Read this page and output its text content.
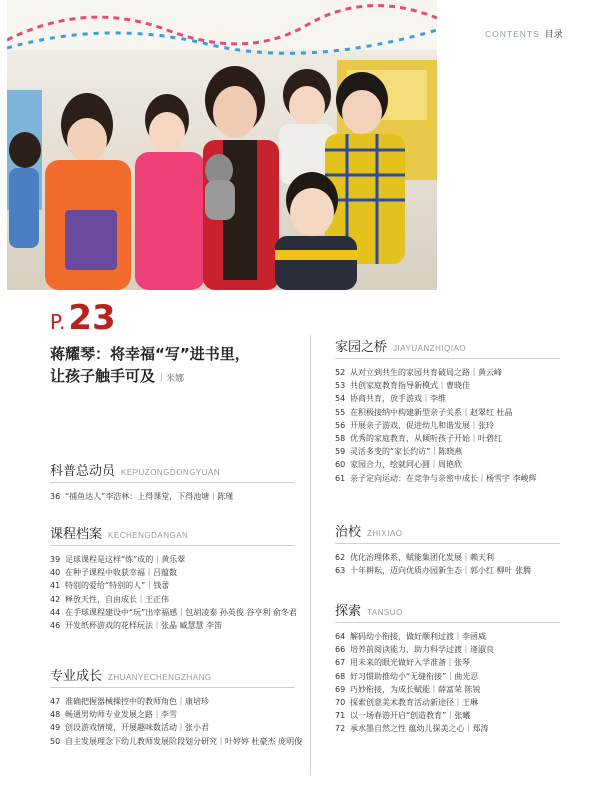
CONTENTS 目录
P.23
蒋耀琴：将幸福“写”进书里，
让孩子触手可及 ｜米娜
科普总动员 KEPUZONGDONGYUAN
36 “捕鱼达人”李浩林：上得课堂，下得池塘｜陈瑾
课程档案 KECHENGDANGAN
39 足球课程是这样“炼”成的｜黄乐翠
40 在种子课程中收获幸福｜吕蕴数
41 特别的爱给“特别的人”｜钱蕾
42 释放天性，自由成长｜王正伟
44 在手球课程建设中“玩”出幸福感｜包胡凌泰 孙英俊 谷亨利 俞冬君
46 开发纸杯游戏的花样玩法｜张晶 臧慧慧 李笛
专业成长 ZHUANYECHENGZHANG
47 准确把握器械操控中的教师角色｜康培珍
48 畅通男幼师专业发展之路｜李雪
49 创设游戏情境，开展趣味数活动｜张小君
50 自主发展理念下幼儿教师发展阶段划分研究｜叶婷婷 杜豪杰 庞明俊
家园之桥 JIAYUANZHIQIAO
52 从对立到共生的家园共育破局之路｜黄云峰
53 共创家庭教育指导新模式｜曹晓佳
54 协商共育，放手游戏｜李维
55 在积极接纳中构建新型亲子关系｜赵翠红 杜晶
56 开展亲子游戏，促进幼儿和谐发展｜张玲
58 优秀的家庭教育，从倾听孩子开始｜叶碧红
59 灵活多变的“家长约访”｜陈晓燕
60 家园合力，绘就同心圆｜周艳欣
61 亲子定向运动：在竞争与亲密中成长｜杨雪宇 李峻辉
治校 ZHIXIAO
62 优化治理体系，赋能集团化发展｜赖天利
63 十年耕耘，迈向优质办园新生态｜郭小红 柳叶 张腾
探索 TANSUO
64 解码幼小衔接，做好顺利过渡｜李函威
66 培养前阅读能力，助力科学过渡｜逄淑良
67 用未来的眼光做好入学准备｜张琴
68 好习惯助推幼小“无缝衔接”｜曲光忍
69 巧妙衔接，为成长赋能｜薛富荣 陈锐
70 探索创意美术教育活动新途径｜王琳
71 以一场春游开启“创造教育”｜张曦
72 承水墨自然之性 蕴幼儿探美之心｜郑涛
